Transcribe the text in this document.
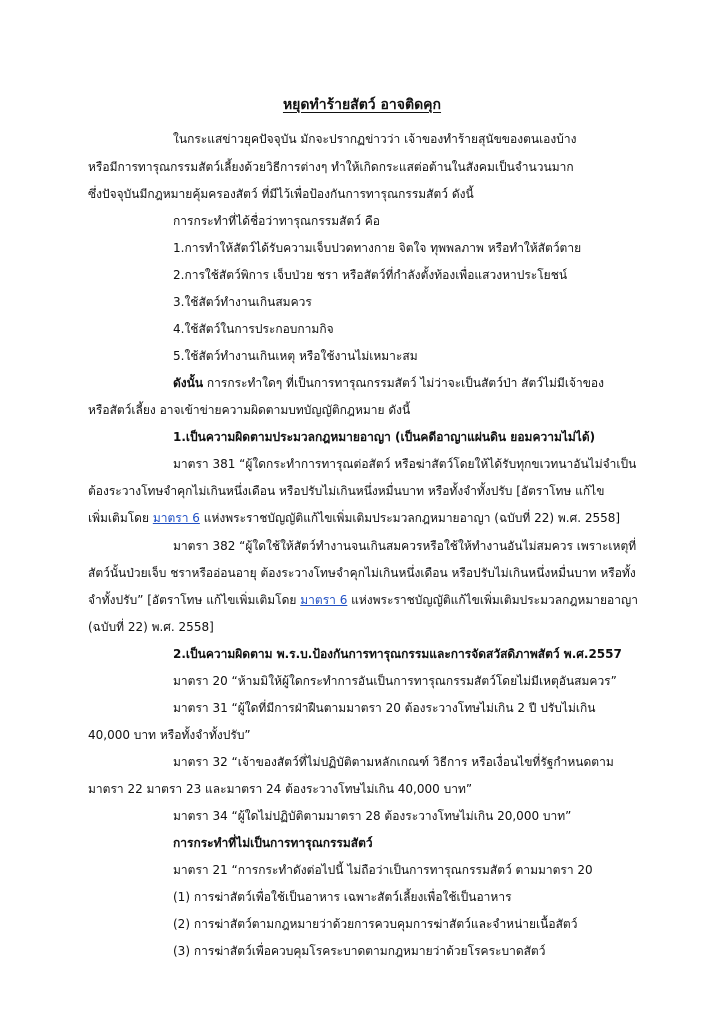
หยุดทำร้ายสัตว์ อาจติดคุก
ในกระแสข่าวยุคปัจจุบัน มักจะปรากฏข่าวว่า เจ้าของทำร้ายสุนัขของตนเองบ้าง
หรือมีการทารุณกรรมสัตว์เลี้ยงด้วยวิธีการต่างๆ ทำให้เกิดกระแสต่อต้านในสังคมเป็นจำนวนมาก
ซึ่งปัจจุบันมีกฎหมายคุ้มครองสัตว์ ที่มีไว้เพื่อป้องกันการทารุณกรรมสัตว์ ดังนี้
การกระทำที่ได้ชื่อว่าทารุณกรรมสัตว์ คือ
1.การทำให้สัตว์ได้รับความเจ็บปวดทางกาย จิตใจ ทุพพลภาพ หรือทำให้สัตว์ตาย
2.การใช้สัตว์พิการ เจ็บป่วย ชรา หรือสัตว์ที่กำลังตั้งท้องเพื่อแสวงหาประโยชน์
3.ใช้สัตว์ทำงานเกินสมควร
4.ใช้สัตว์ในการประกอบกามกิจ
5.ใช้สัตว์ทำงานเกินเหตุ หรือใช้งานไม่เหมาะสม
ดังนั้น การกระทำใดๆ ที่เป็นการทารุณกรรมสัตว์ ไม่ว่าจะเป็นสัตว์ป่า สัตว์ไม่มีเจ้าของ
หรือสัตว์เลี้ยง อาจเข้าข่ายความผิดตามบทบัญญัติกฎหมาย ดังนี้
1.เป็นความผิดตามประมวลกฎหมายอาญา (เป็นคดีอาญาแผ่นดิน ยอมความไม่ได้)
มาตรา 381 “ผู้ใดกระทำการทารุณต่อสัตว์ หรือฆ่าสัตว์โดยให้ได้รับทุกขเวทนาอันไม่จำเป็น
ต้องระวางโทษจำคุกไม่เกินหนึ่งเดือน หรือปรับไม่เกินหนึ่งหมื่นบาท หรือทั้งจำทั้งปรับ [อัตราโทษ แก้ไข
เพิ่มเติมโดย มาตรา 6 แห่งพระราชบัญญัติแก้ไขเพิ่มเติมประมวลกฎหมายอาญา (ฉบับที่ 22) พ.ศ. 2558]
มาตรา 382 “ผู้ใดใช้ให้สัตว์ทำงานจนเกินสมควรหรือใช้ให้ทำงานอันไม่สมควร เพราะเหตุที่
สัตว์นั้นป่วยเจ็บ ชราหรืออ่อนอายุ ต้องระวางโทษจำคุกไม่เกินหนึ่งเดือน หรือปรับไม่เกินหนึ่งหมื่นบาท หรือทั้ง
จำทั้งปรับ” [อัตราโทษ แก้ไขเพิ่มเติมโดย มาตรา 6 แห่งพระราชบัญญัติแก้ไขเพิ่มเติมประมวลกฎหมายอาญา
(ฉบับที่ 22) พ.ศ. 2558]
2.เป็นความผิดตาม พ.ร.บ.ป้องกันการทารุณกรรมและการจัดสวัสดิภาพสัตว์ พ.ศ.2557
มาตรา 20 “ห้ามมิให้ผู้ใดกระทำการอันเป็นการทารุณกรรมสัตว์โดยไม่มีเหตุอันสมควร”
มาตรา 31 “ผู้ใดที่มีการฝ่าฝืนตามมาตรา 20 ต้องระวางโทษไม่เกิน 2 ปี ปรับไม่เกิน
40,000 บาท หรือทั้งจำทั้งปรับ”
มาตรา 32 “เจ้าของสัตว์ที่ไม่ปฏิบัติตามหลักเกณฑ์ วิธีการ หรือเงื่อนไขที่รัฐกำหนดตาม
มาตรา 22 มาตรา 23 และมาตรา 24 ต้องระวางโทษไม่เกิน 40,000 บาท”
มาตรา 34 “ผู้ใดไม่ปฏิบัติตามมาตรา 28 ต้องระวางโทษไม่เกิน 20,000 บาท”
การกระทำที่ไม่เป็นการทารุณกรรมสัตว์
มาตรา 21 “การกระทำดังต่อไปนี้ ไม่ถือว่าเป็นการทารุณกรรมสัตว์ ตามมาตรา 20
(1) การฆ่าสัตว์เพื่อใช้เป็นอาหาร เฉพาะสัตว์เลี้ยงเพื่อใช้เป็นอาหาร
(2) การฆ่าสัตว์ตามกฎหมายว่าด้วยการควบคุมการฆ่าสัตว์และจำหน่ายเนื้อสัตว์
(3) การฆ่าสัตว์เพื่อควบคุมโรคระบาดตามกฎหมายว่าด้วยโรคระบาดสัตว์
